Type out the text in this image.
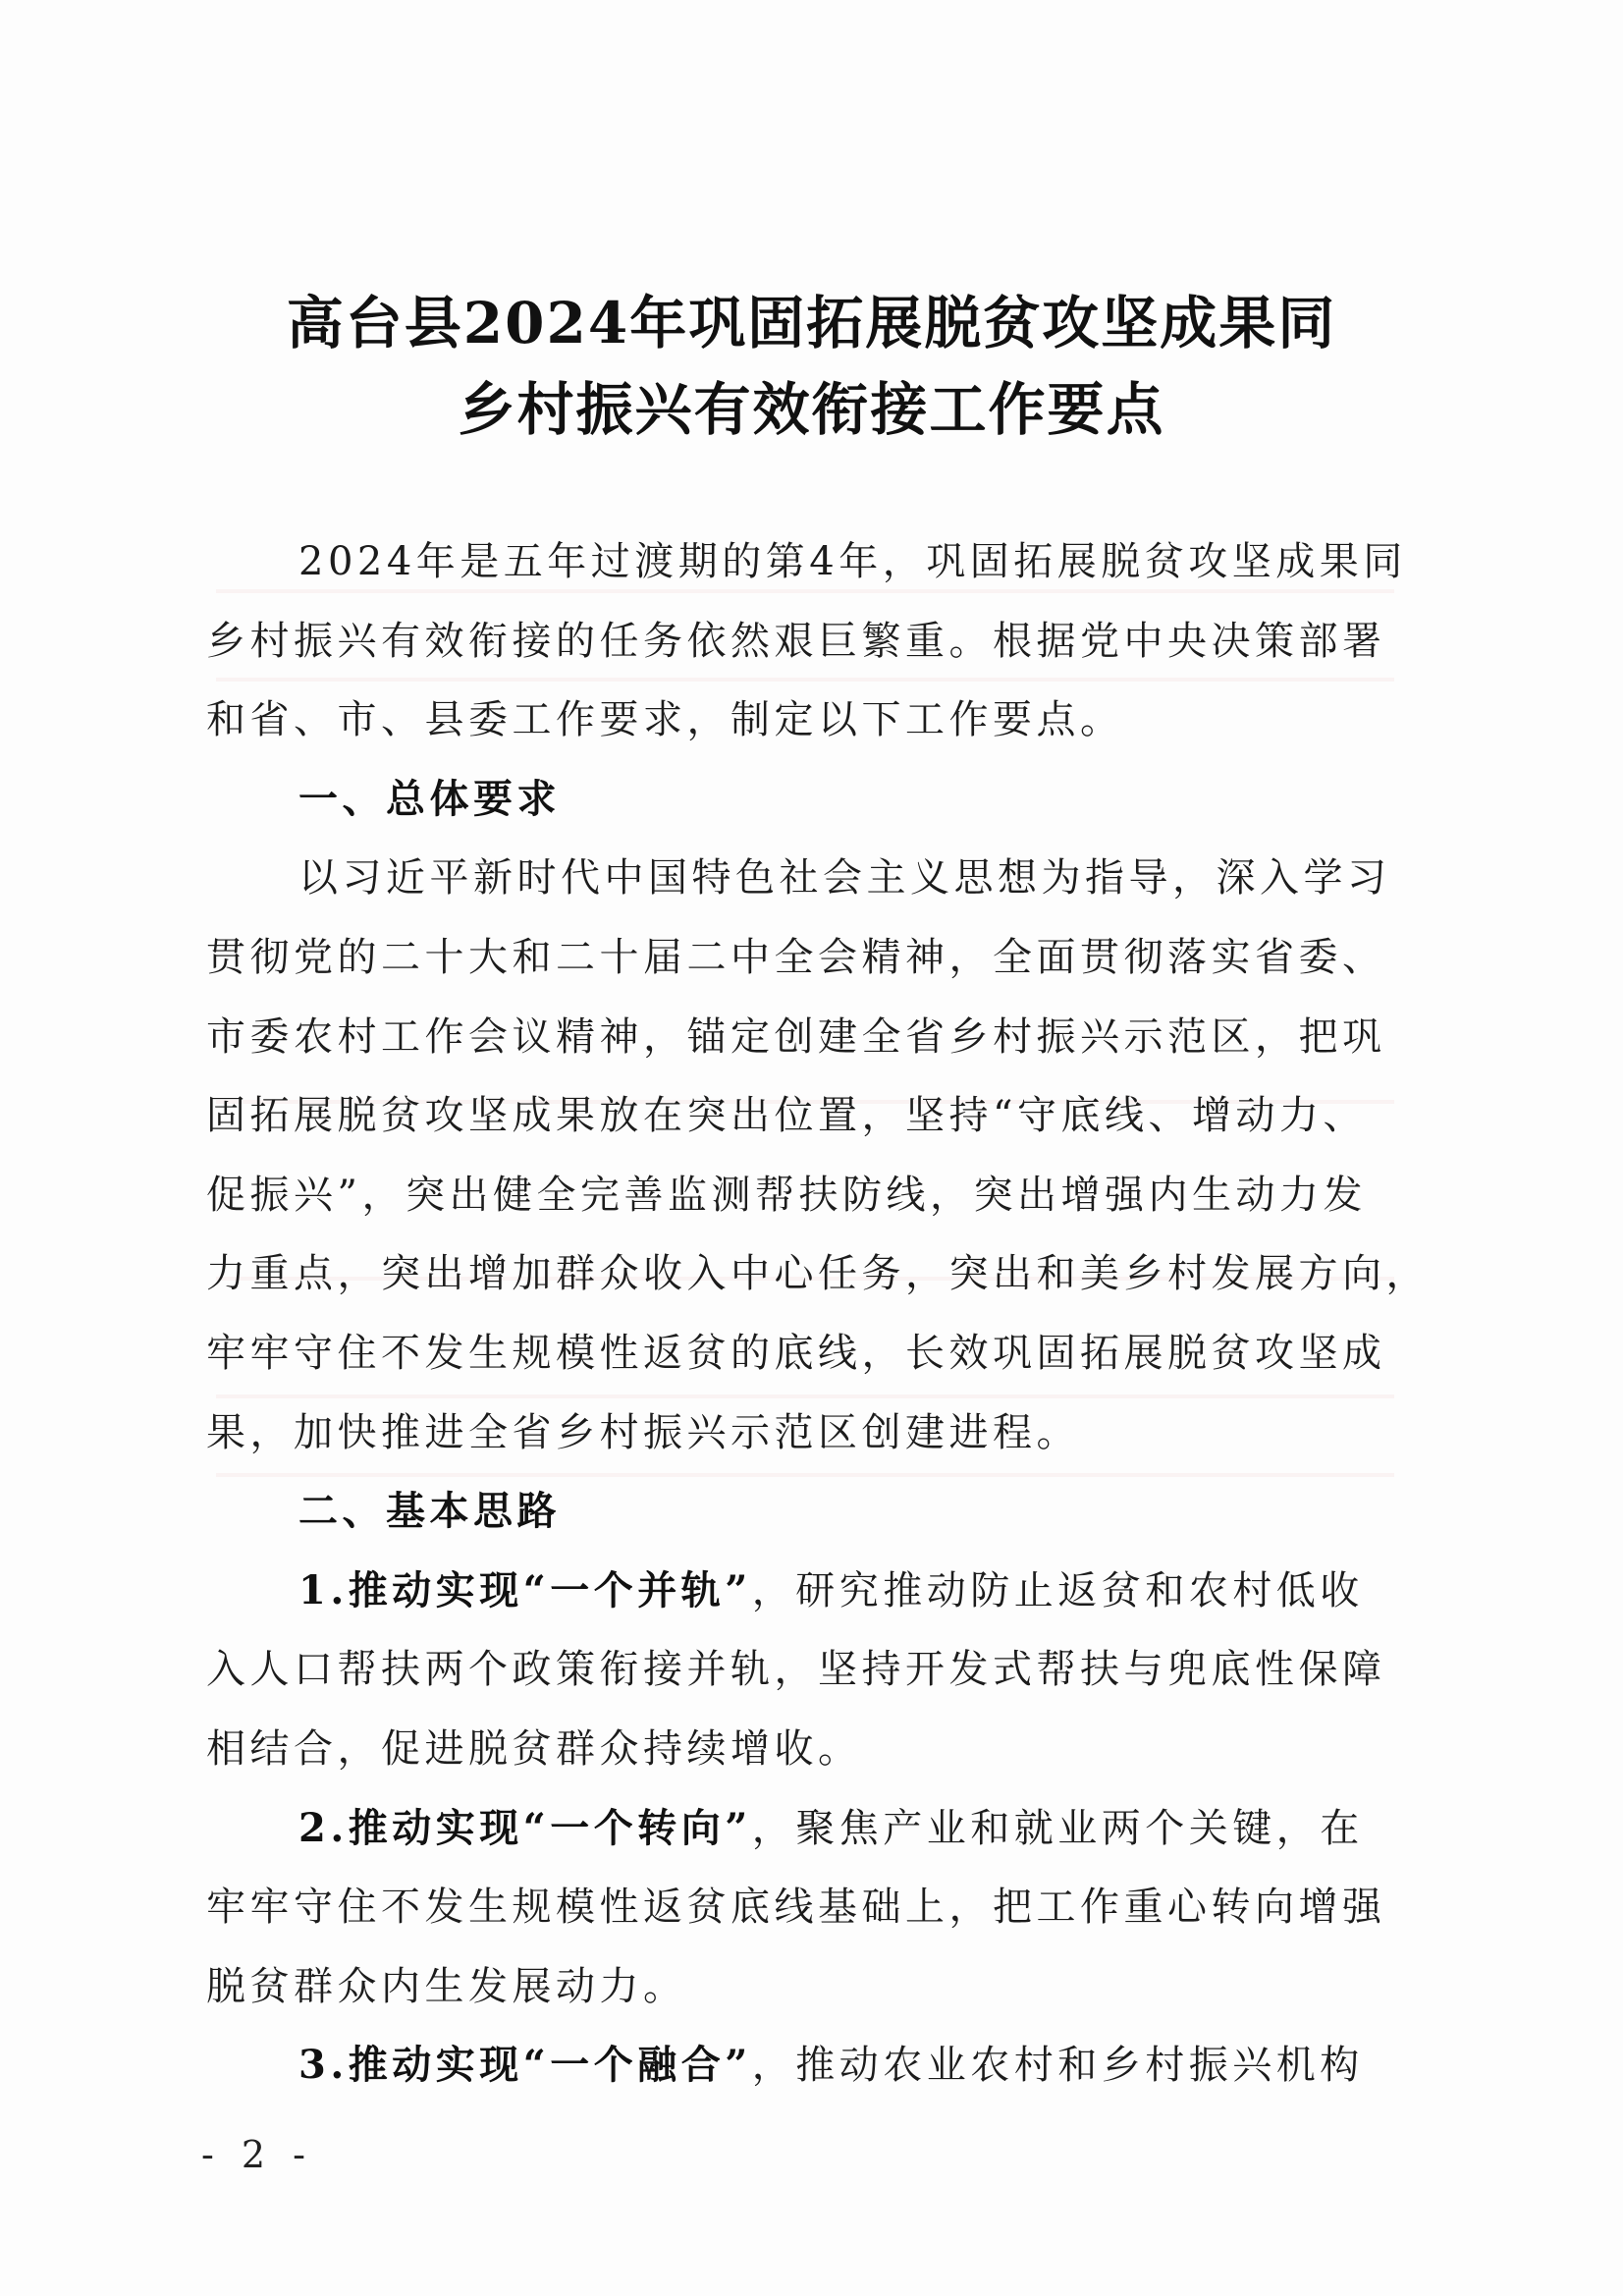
高台县2024年巩固拓展脱贫攻坚成果同
乡村振兴有效衔接工作要点
2024年是五年过渡期的第4年，巩固拓展脱贫攻坚成果同
乡村振兴有效衔接的任务依然艰巨繁重。根据党中央决策部署
和省、市、县委工作要求，制定以下工作要点。
一、总体要求
以习近平新时代中国特色社会主义思想为指导，深入学习
贯彻党的二十大和二十届二中全会精神，全面贯彻落实省委、
市委农村工作会议精神，锚定创建全省乡村振兴示范区，把巩
固拓展脱贫攻坚成果放在突出位置，坚持“守底线、增动力、
促振兴”，突出健全完善监测帮扶防线，突出增强内生动力发
力重点，突出增加群众收入中心任务，突出和美乡村发展方向，
牢牢守住不发生规模性返贫的底线，长效巩固拓展脱贫攻坚成
果，加快推进全省乡村振兴示范区创建进程。
二、基本思路
1.推动实现“一个并轨”，研究推动防止返贫和农村低收
入人口帮扶两个政策衔接并轨，坚持开发式帮扶与兜底性保障
相结合，促进脱贫群众持续增收。
2.推动实现“一个转向”，聚焦产业和就业两个关键，在
牢牢守住不发生规模性返贫底线基础上，把工作重心转向增强
脱贫群众内生发展动力。
3.推动实现“一个融合”，推动农业农村和乡村振兴机构
- 2 -
